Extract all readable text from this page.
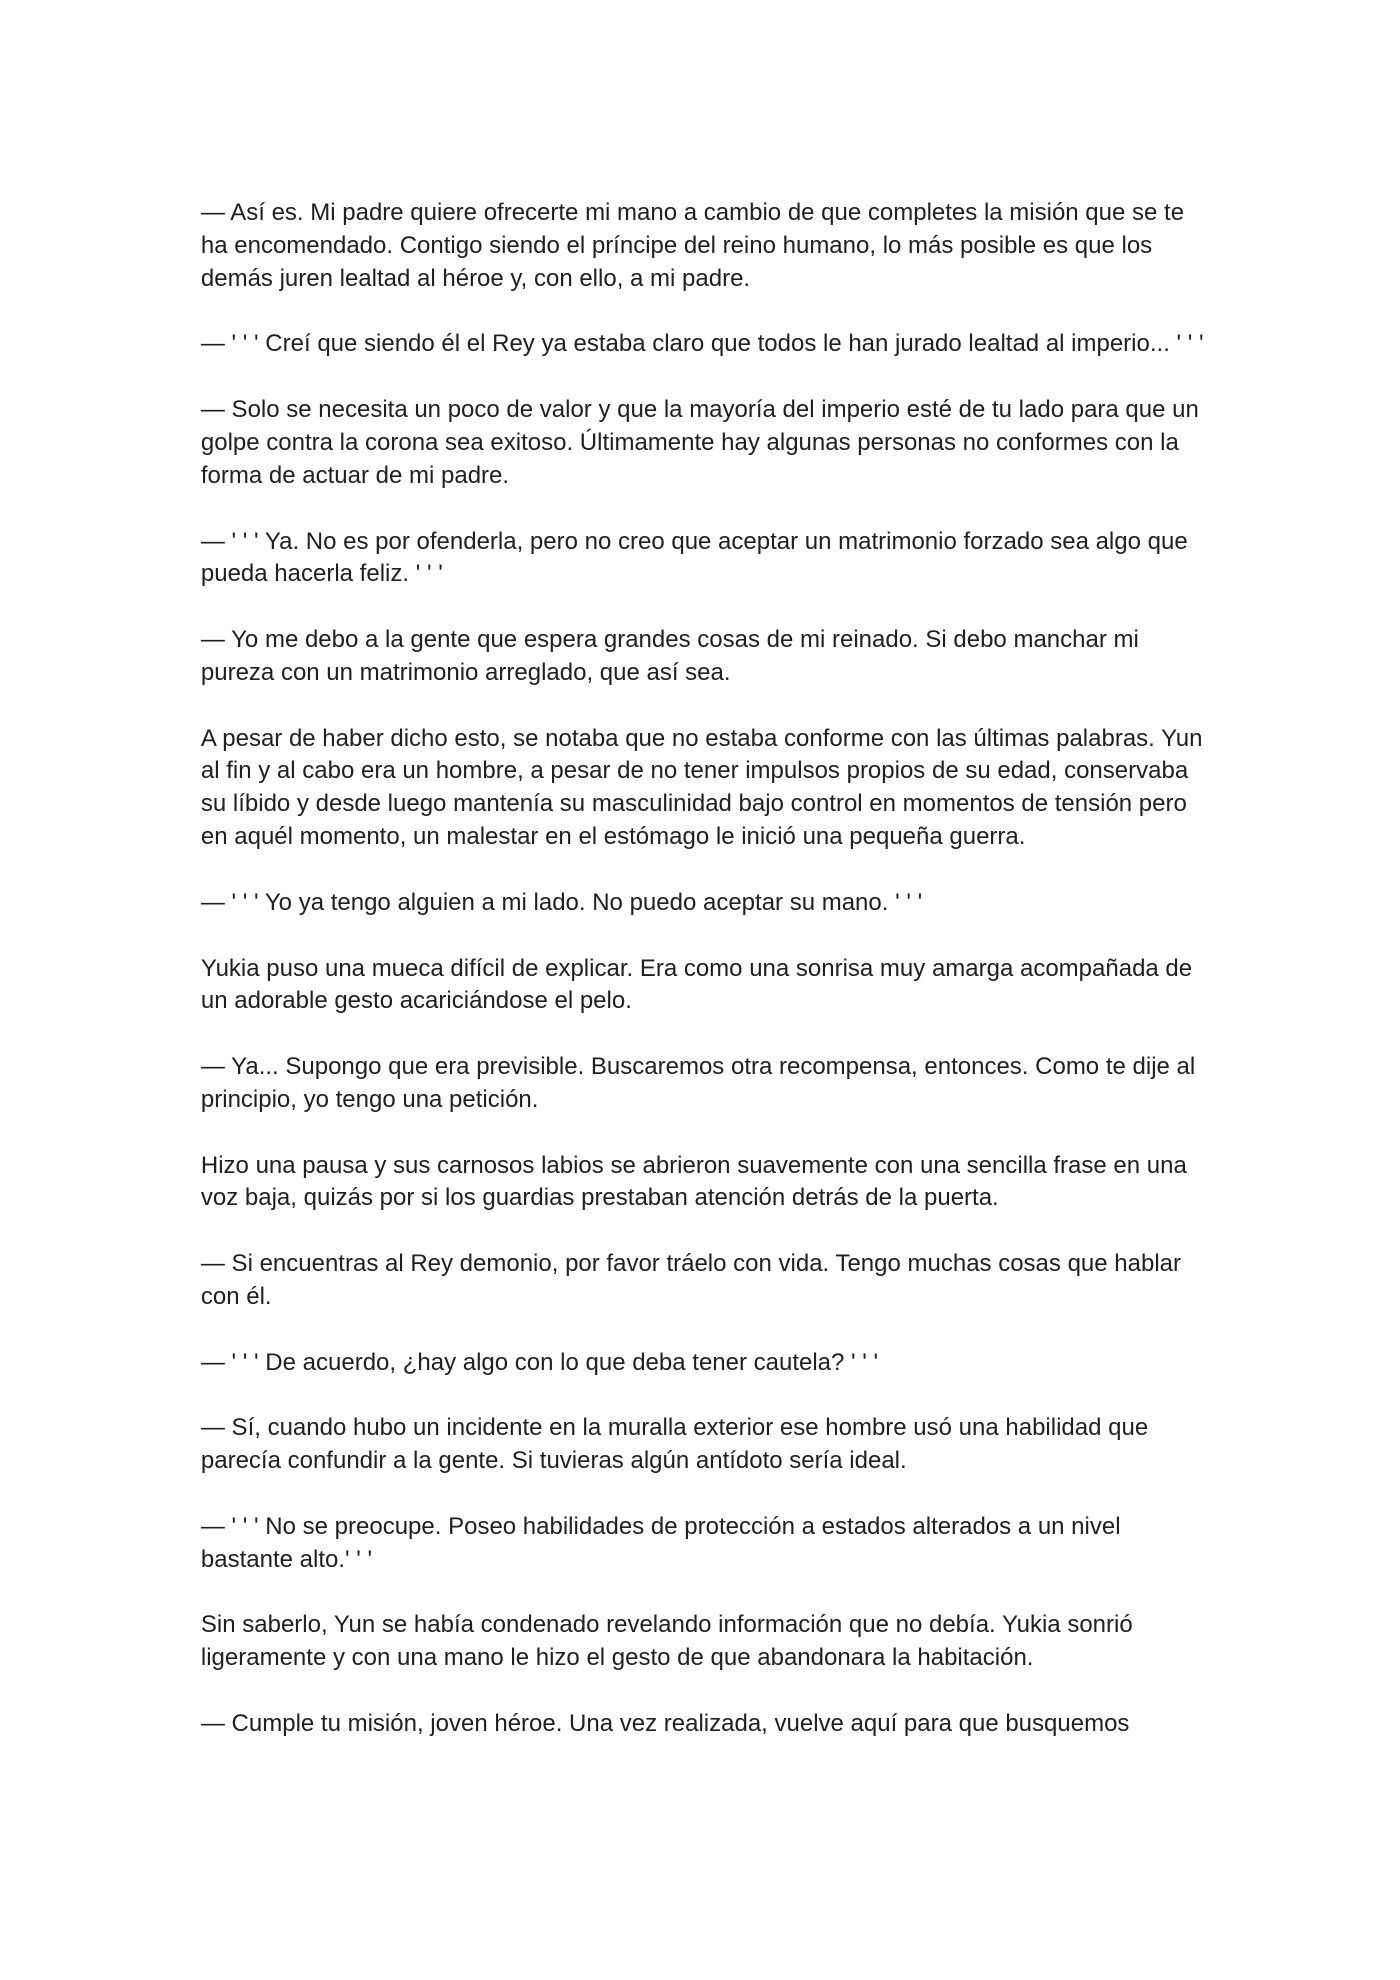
— Así es. Mi padre quiere ofrecerte mi mano a cambio de que completes la misión que se te ha encomendado. Contigo siendo el príncipe del reino humano, lo más posible es que los demás juren lealtad al héroe y, con ello, a mi padre.

— ' ' ' Creí que siendo él el Rey ya estaba claro que todos le han jurado lealtad al imperio... ' ' '

— Solo se necesita un poco de valor y que la mayoría del imperio esté de tu lado para que un golpe contra la corona sea exitoso. Últimamente hay algunas personas no conformes con la forma de actuar de mi padre.

— ' ' ' Ya. No es por ofenderla, pero no creo que aceptar un matrimonio forzado sea algo que pueda hacerla feliz. ' ' '

— Yo me debo a la gente que espera grandes cosas de mi reinado. Si debo manchar mi pureza con un matrimonio arreglado, que así sea.

A pesar de haber dicho esto, se notaba que no estaba conforme con las últimas palabras. Yun al fin y al cabo era un hombre, a pesar de no tener impulsos propios de su edad, conservaba su líbido y desde luego mantenía su masculinidad bajo control en momentos de tensión pero en aquél momento, un malestar en el estómago le inició una pequeña guerra.

— ' ' ' Yo ya tengo alguien a mi lado. No puedo aceptar su mano. ' ' '

Yukia puso una mueca difícil de explicar. Era como una sonrisa muy amarga acompañada de un adorable gesto acariciándose el pelo.

— Ya... Supongo que era previsible. Buscaremos otra recompensa, entonces. Como te dije al principio, yo tengo una petición.

Hizo una pausa y sus carnosos labios se abrieron suavemente con una sencilla frase en una voz baja, quizás por si los guardias prestaban atención detrás de la puerta.

— Si encuentras al Rey demonio, por favor tráelo con vida. Tengo muchas cosas que hablar con él.

— ' ' ' De acuerdo, ¿hay algo con lo que deba tener cautela? ' ' '

— Sí, cuando hubo un incidente en la muralla exterior ese hombre usó una habilidad que parecía confundir a la gente. Si tuvieras algún antídoto sería ideal.

— ' ' ' No se preocupe. Poseo habilidades de protección a estados alterados a un nivel bastante alto.' ' '

Sin saberlo, Yun se había condenado revelando información que no debía. Yukia sonrió ligeramente y con una mano le hizo el gesto de que abandonara la habitación.

— Cumple tu misión, joven héroe. Una vez realizada, vuelve aquí para que busquemos
